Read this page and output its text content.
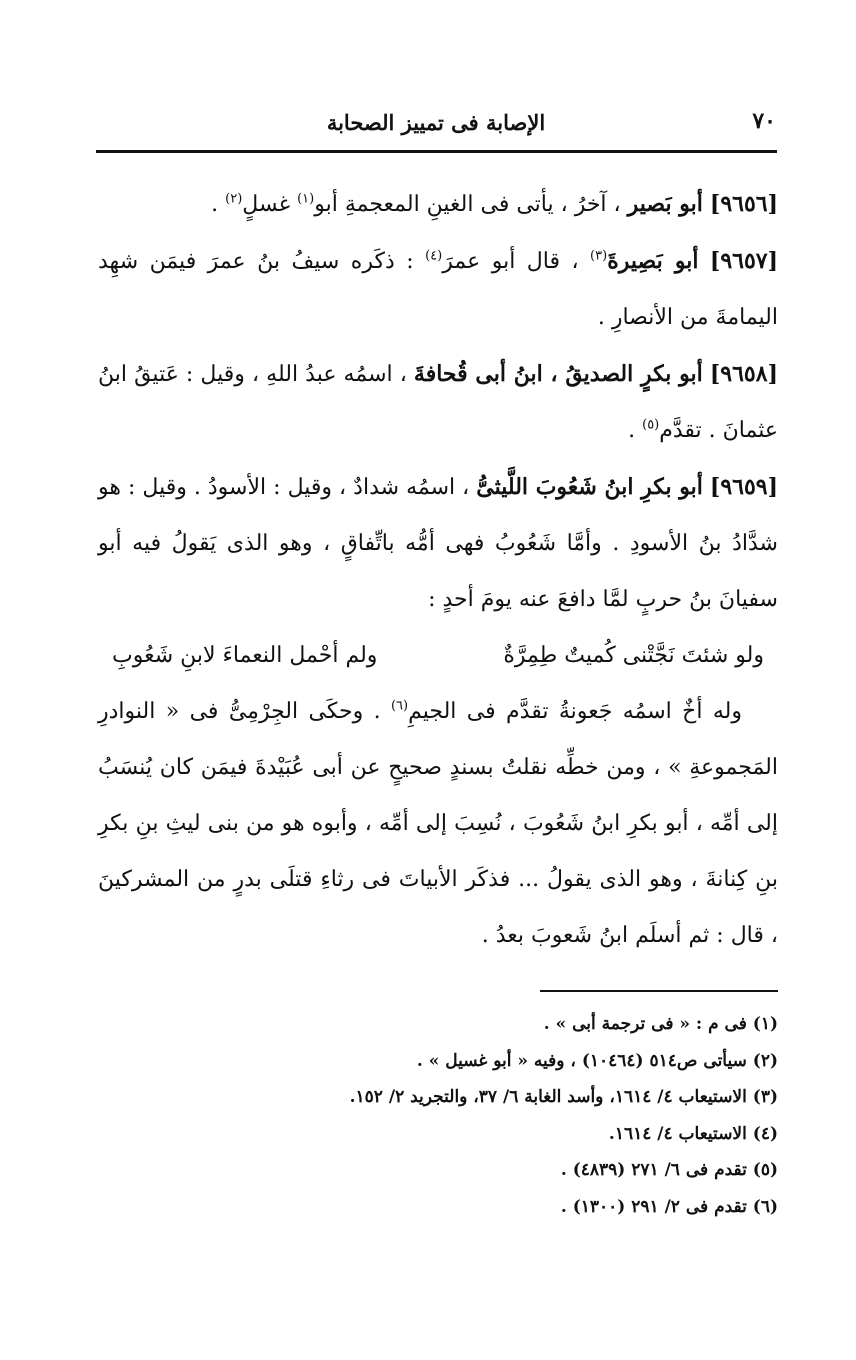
٧٠
الإصابة فى تمييز الصحابة

[٩٦٥٦] أبو بَصير ، آخرُ ، يأتى فى الغينِ المعجمةِ أبو$^{(١)}$ غسلٍ$^{(٢)}$ .

[٩٦٥٧] أبو بَصِيرةَ$^{(٣)}$ ، قال أبو عمرَ$^{(٤)}$ : ذكَره سيفُ بنُ عمرَ فيمَن شهِد اليمامةَ من الأنصارِ .

[٩٦٥٨] أبو بكرٍ الصديقُ ، ابنُ أبى قُحافةَ ، اسمُه عبدُ اللهِ ، وقيل : عَتيقُ ابنُ عثمانَ . تقدَّم$^{(٥)}$ .

[٩٦٥٩] أبو بكرِ ابنُ شَعُوبَ اللَّيثىُّ ، اسمُه شدادٌ ، وقيل : الأسودُ . وقيل : هو شدَّادُ بنُ الأسودِ . وأمَّا شَعُوبُ فهى أمُّه باتِّفاقٍ ، وهو الذى يَقولُ فيه أبو سفيانَ بنُ حربٍ لمَّا دافعَ عنه يومَ أحدٍ :

ولو شئتَ نَجَّتْنى كُميتٌ طِمِرَّةٌ
ولم أحْمل النعماءَ لابنِ شَعُوبِ

وله أخٌ اسمُه جَعونةُ تقدَّم فى الجيمِ$^{(٦)}$ . وحكَى الجِرْمِىُّ فى « النوادرِ المَجموعةِ » ، ومن خطِّه نقلتُ بسندٍ صحيحٍ عن أبى عُبَيْدةَ فيمَن كان يُنسَبُ إلى أمِّه ، أبو بكرِ ابنُ شَعُوبَ ، نُسِبَ إلى أمِّه ، وأبوه هو من بنى ليثِ بنِ بكرِ بنِ كِنانةَ ، وهو الذى يقولُ ... فذكَر الأبياتَ فى رثاءِ قتلَى بدرٍ من المشركينَ ، قال : ثم أسلَم ابنُ شَعوبَ بعدُ .

(١) فى م : « فى ترجمة أبى » .

(٢) سيأتى ص٥١٤ (١٠٤٦٤) ، وفيه « أبو غسيل » .

(٣) الاستيعاب ٤/ ١٦١٤، وأسد الغابة ٦/ ٣٧، والتجريد ٢/ ١٥٢.

(٤) الاستيعاب ٤/ ١٦١٤.

(٥) تقدم فى ٦/ ٢٧١ (٤٨٣٩) .

(٦) تقدم فى ٢/ ٢٩١ (١٣٠٠) .
